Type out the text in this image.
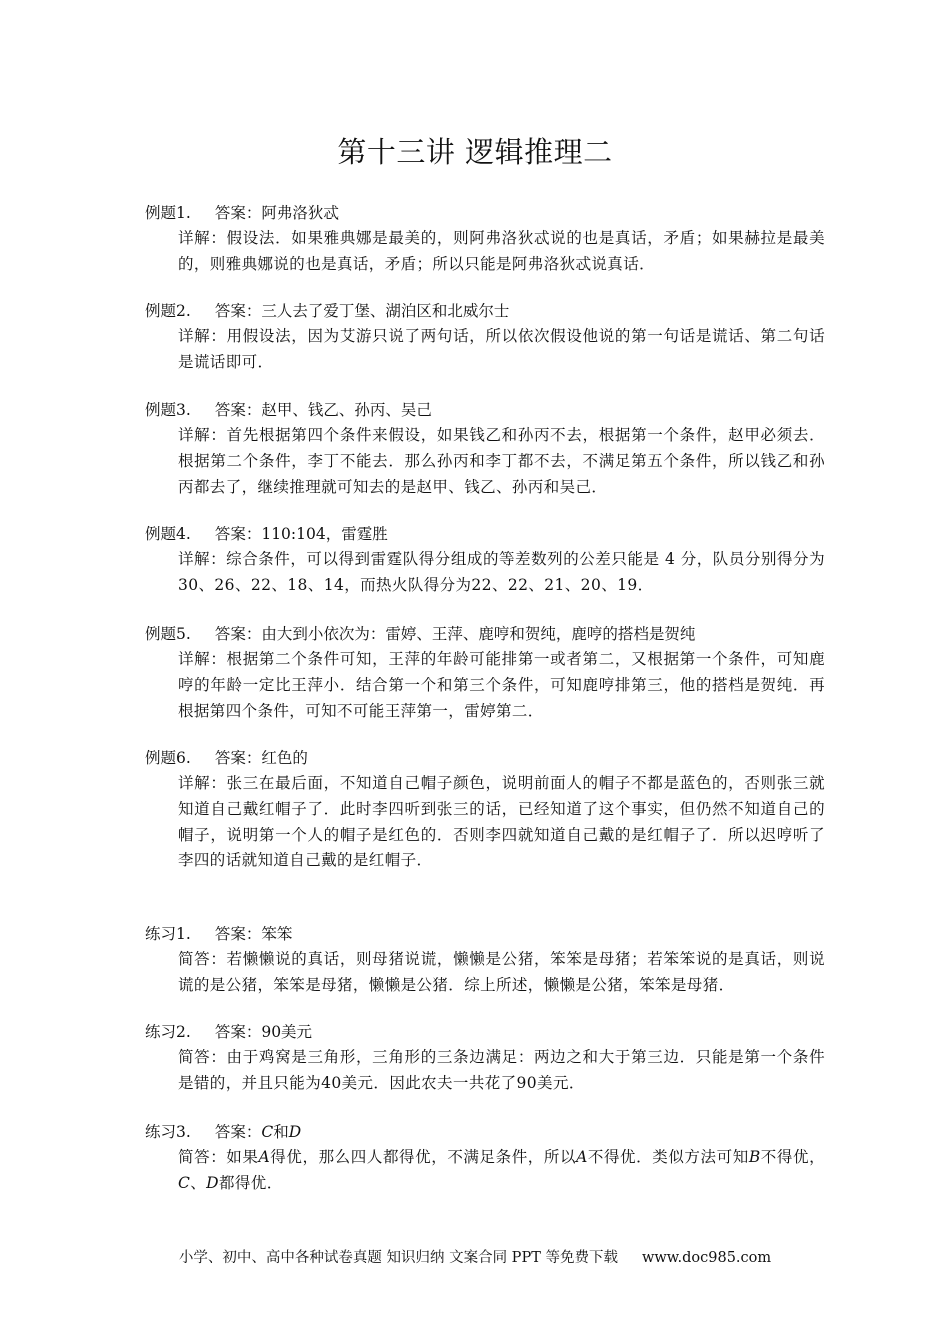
第十三讲 逻辑推理二
例题1. 答案：阿弗洛狄忒
详解：假设法．如果雅典娜是最美的，则阿弗洛狄忒说的也是真话，矛盾；如果赫拉是最美的，则雅典娜说的也是真话，矛盾；所以只能是阿弗洛狄忒说真话．
例题2. 答案：三人去了爱丁堡、湖泊区和北威尔士
详解：用假设法，因为艾游只说了两句话，所以依次假设他说的第一句话是谎话、第二句话是谎话即可．
例题3. 答案：赵甲、钱乙、孙丙、吴己
详解：首先根据第四个条件来假设，如果钱乙和孙丙不去，根据第一个条件，赵甲必须去．根据第二个条件，李丁不能去．那么孙丙和李丁都不去，不满足第五个条件，所以钱乙和孙丙都去了，继续推理就可知去的是赵甲、钱乙、孙丙和吴己．
例题4. 答案：110:104，雷霆胜
详解：综合条件，可以得到雷霆队得分组成的等差数列的公差只能是 4 分，队员分别得分为30、26、22、18、14，而热火队得分为22、22、21、20、19．
例题5. 答案：由大到小依次为：雷婷、王萍、鹿哼和贺纯，鹿哼的搭档是贺纯
详解：根据第二个条件可知，王萍的年龄可能排第一或者第二，又根据第一个条件，可知鹿哼的年龄一定比王萍小．结合第一个和第三个条件，可知鹿哼排第三，他的搭档是贺纯．再根据第四个条件，可知不可能王萍第一，雷婷第二．
例题6. 答案：红色的
详解：张三在最后面，不知道自己帽子颜色，说明前面人的帽子不都是蓝色的，否则张三就知道自己戴红帽子了．此时李四听到张三的话，已经知道了这个事实，但仍然不知道自己的帽子，说明第一个人的帽子是红色的．否则李四就知道自己戴的是红帽子了．所以迟哼听了李四的话就知道自己戴的是红帽子．
练习1. 答案：笨笨
简答：若懒懒说的真话，则母猪说谎，懒懒是公猪，笨笨是母猪；若笨笨说的是真话，则说谎的是公猪，笨笨是母猪，懒懒是公猪．综上所述，懒懒是公猪，笨笨是母猪．
练习2. 答案：90美元
简答：由于鸡窝是三角形，三角形的三条边满足：两边之和大于第三边．只能是第一个条件是错的，并且只能为40美元．因此农夫一共花了90美元．
练习3. 答案：C和D
简答：如果A得优，那么四人都得优，不满足条件，所以A不得优．类似方法可知B不得优，C、D都得优．
小学、初中、高中各种试卷真题 知识归纳 文案合同 PPT 等免费下载 www.doc985.com
